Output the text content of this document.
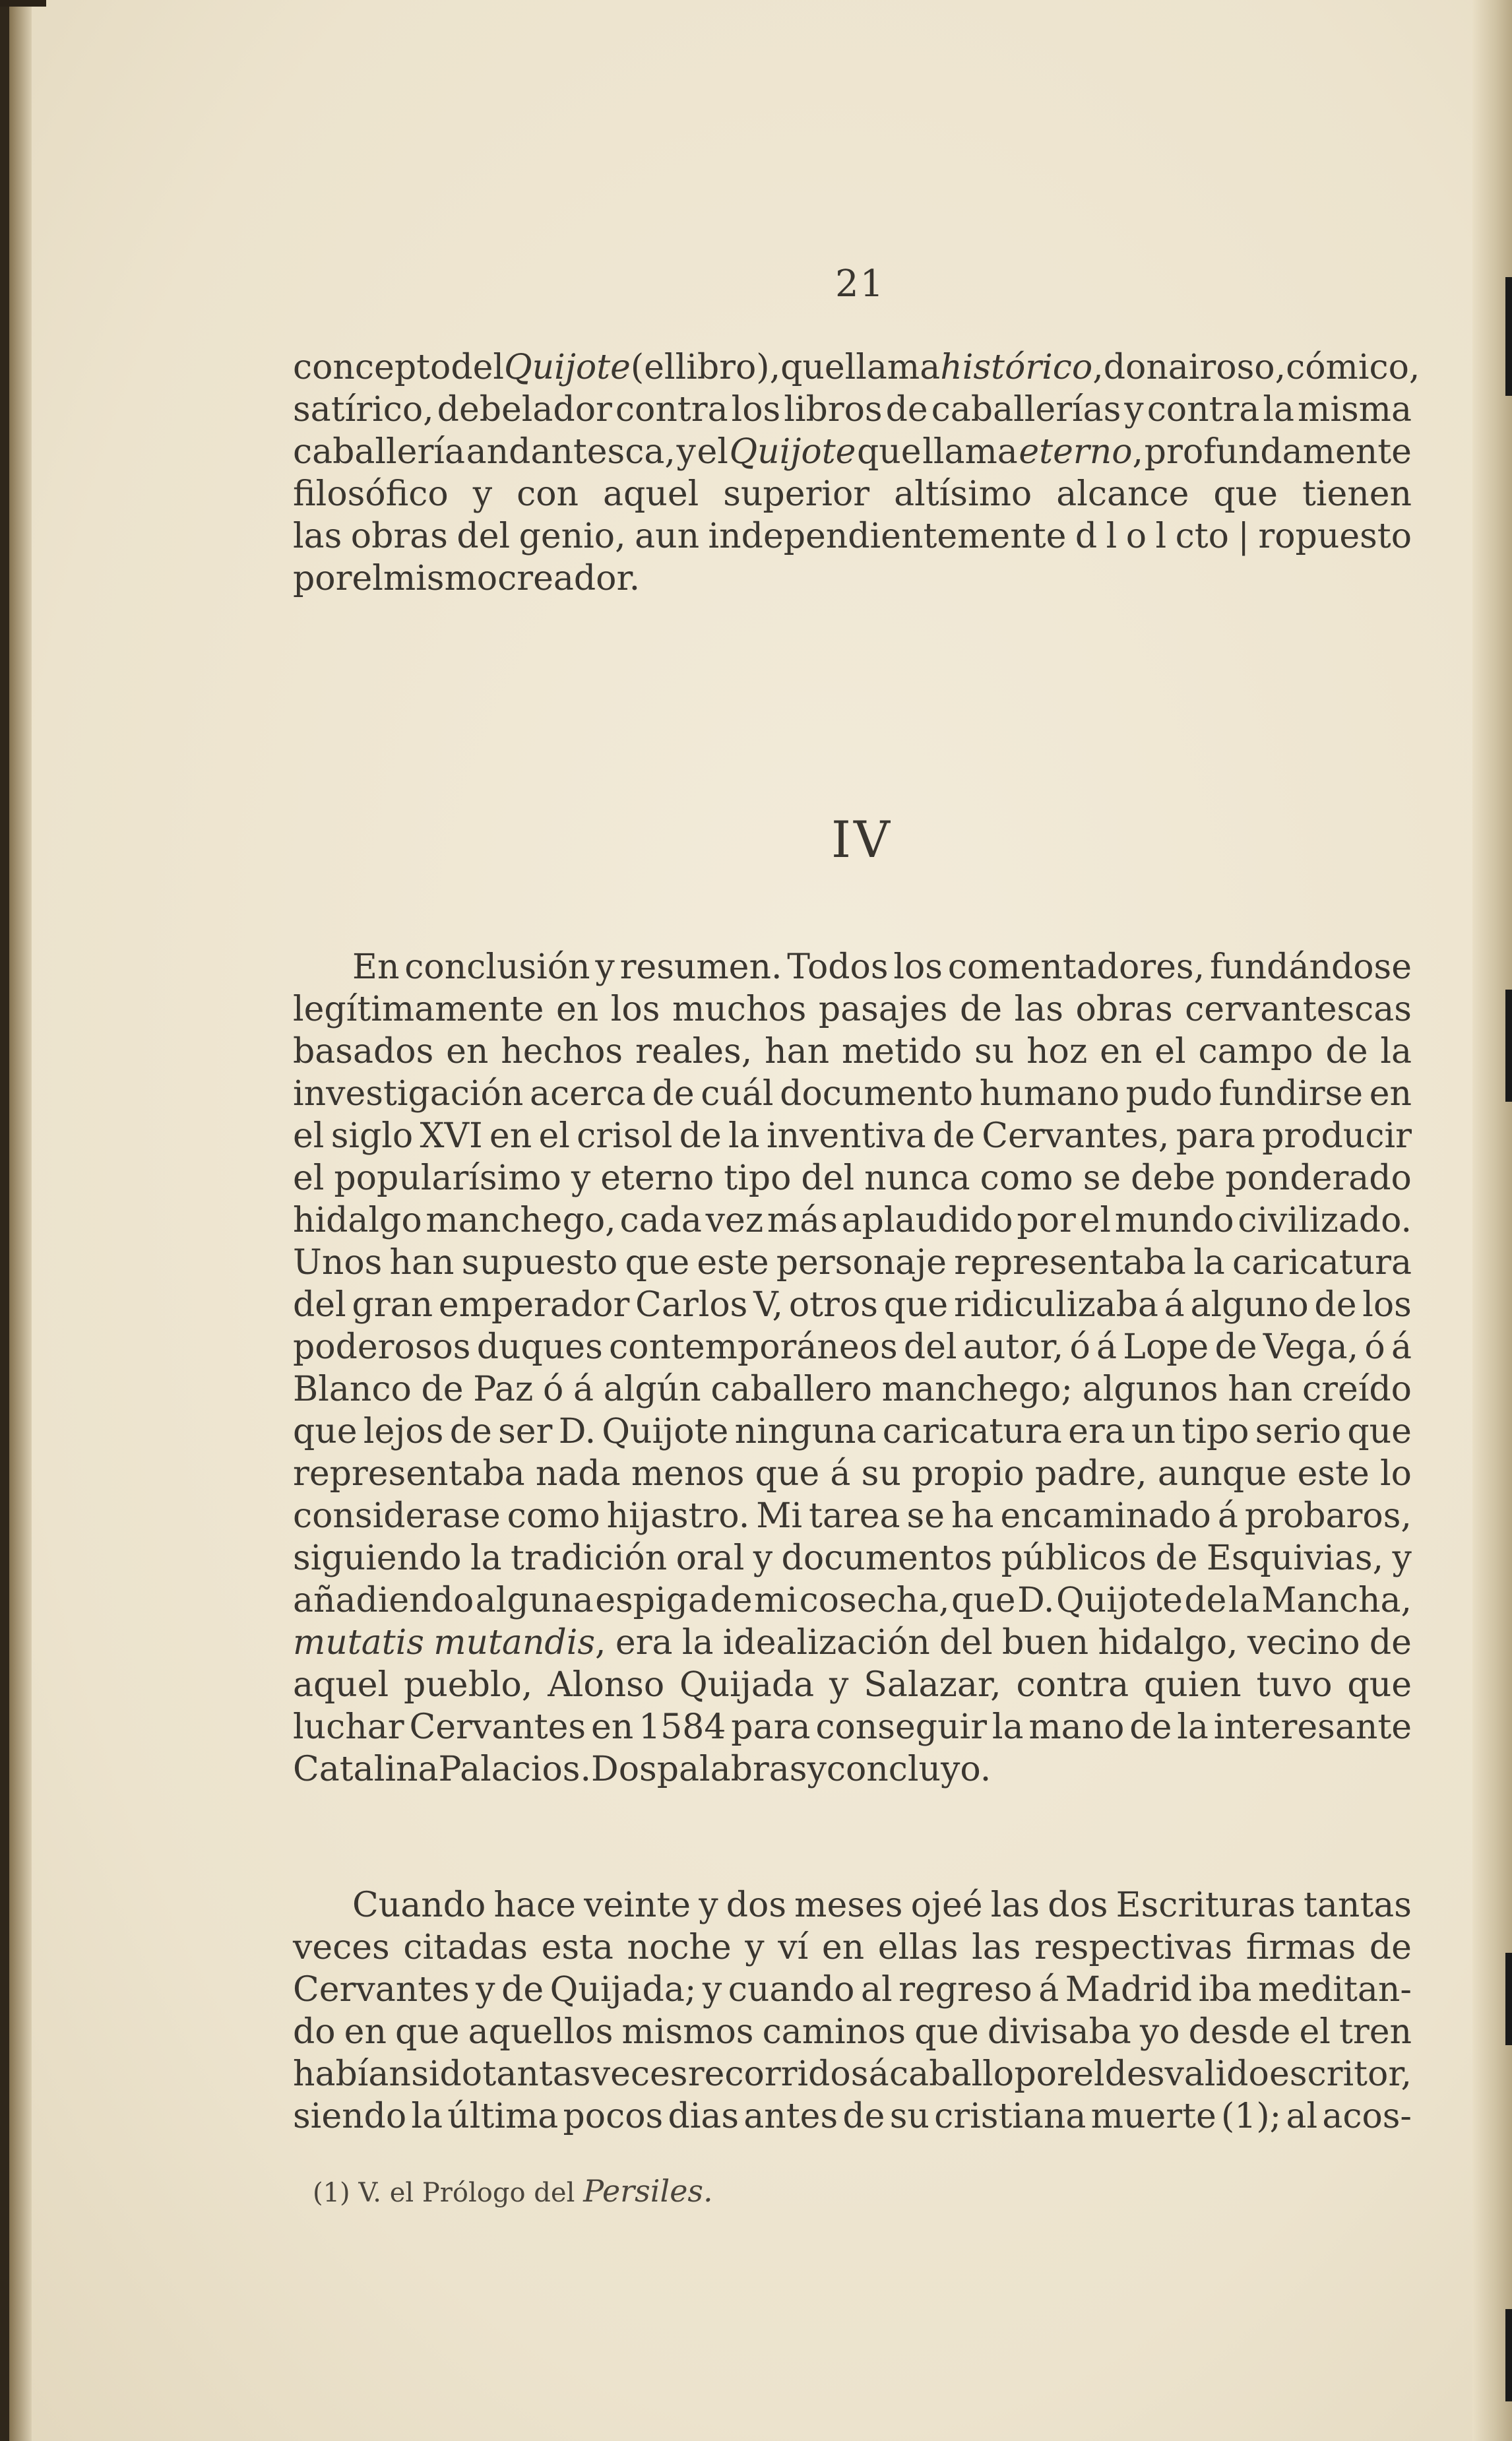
21
concepto del Quijote (el libro), que llama histórico, donairoso, cómico,
satírico, debelador contra los libros de caballerías y contra la misma
caballería andantesca, y el Quijote que llama eterno, profundamente
filosófico y con aquel superior altísimo alcance que tienen
las obras del genio, aun independientemente d l o l cto | ropuesto
por el mismo creador.
IV
En conclusión y resumen. Todos los comentadores, fundándose
legítimamente en los muchos pasajes de las obras cervantescas
basados en hechos reales, han metido su hoz en el campo de la
investigación acerca de cuál documento humano pudo fundirse en
el siglo XVI en el crisol de la inventiva de Cervantes, para producir
el popularísimo y eterno tipo del nunca como se debe ponderado
hidalgo manchego, cada vez más aplaudido por el mundo civilizado.
Unos han supuesto que este personaje representaba la caricatura
del gran emperador Carlos V, otros que ridiculizaba á alguno de los
poderosos duques contemporáneos del autor, ó á Lope de Vega, ó á
Blanco de Paz ó á algún caballero manchego; algunos han creído
que lejos de ser D. Quijote ninguna caricatura era un tipo serio que
representaba nada menos que á su propio padre, aunque este lo
considerase como hijastro. Mi tarea se ha encaminado á probaros,
siguiendo la tradición oral y documentos públicos de Esquivias, y
añadiendo alguna espiga de mi cosecha, que D. Quijote de la Mancha,
mutatis mutandis, era la idealización del buen hidalgo, vecino de
aquel pueblo, Alonso Quijada y Salazar, contra quien tuvo que
luchar Cervantes en 1584 para conseguir la mano de la interesante
Catalina Palacios. Dos palabras y concluyo.
Cuando hace veinte y dos meses ojeé las dos Escrituras tantas
veces citadas esta noche y ví en ellas las respectivas firmas de
Cervantes y de Quijada; y cuando al regreso á Madrid iba meditan-
do en que aquellos mismos caminos que divisaba yo desde el tren
habían sido tantas veces recorridos á caballo por el desvalido escritor,
siendo la última pocos dias antes de su cristiana muerte (1); al acos-
(1) V. el Prólogo del Persiles.
